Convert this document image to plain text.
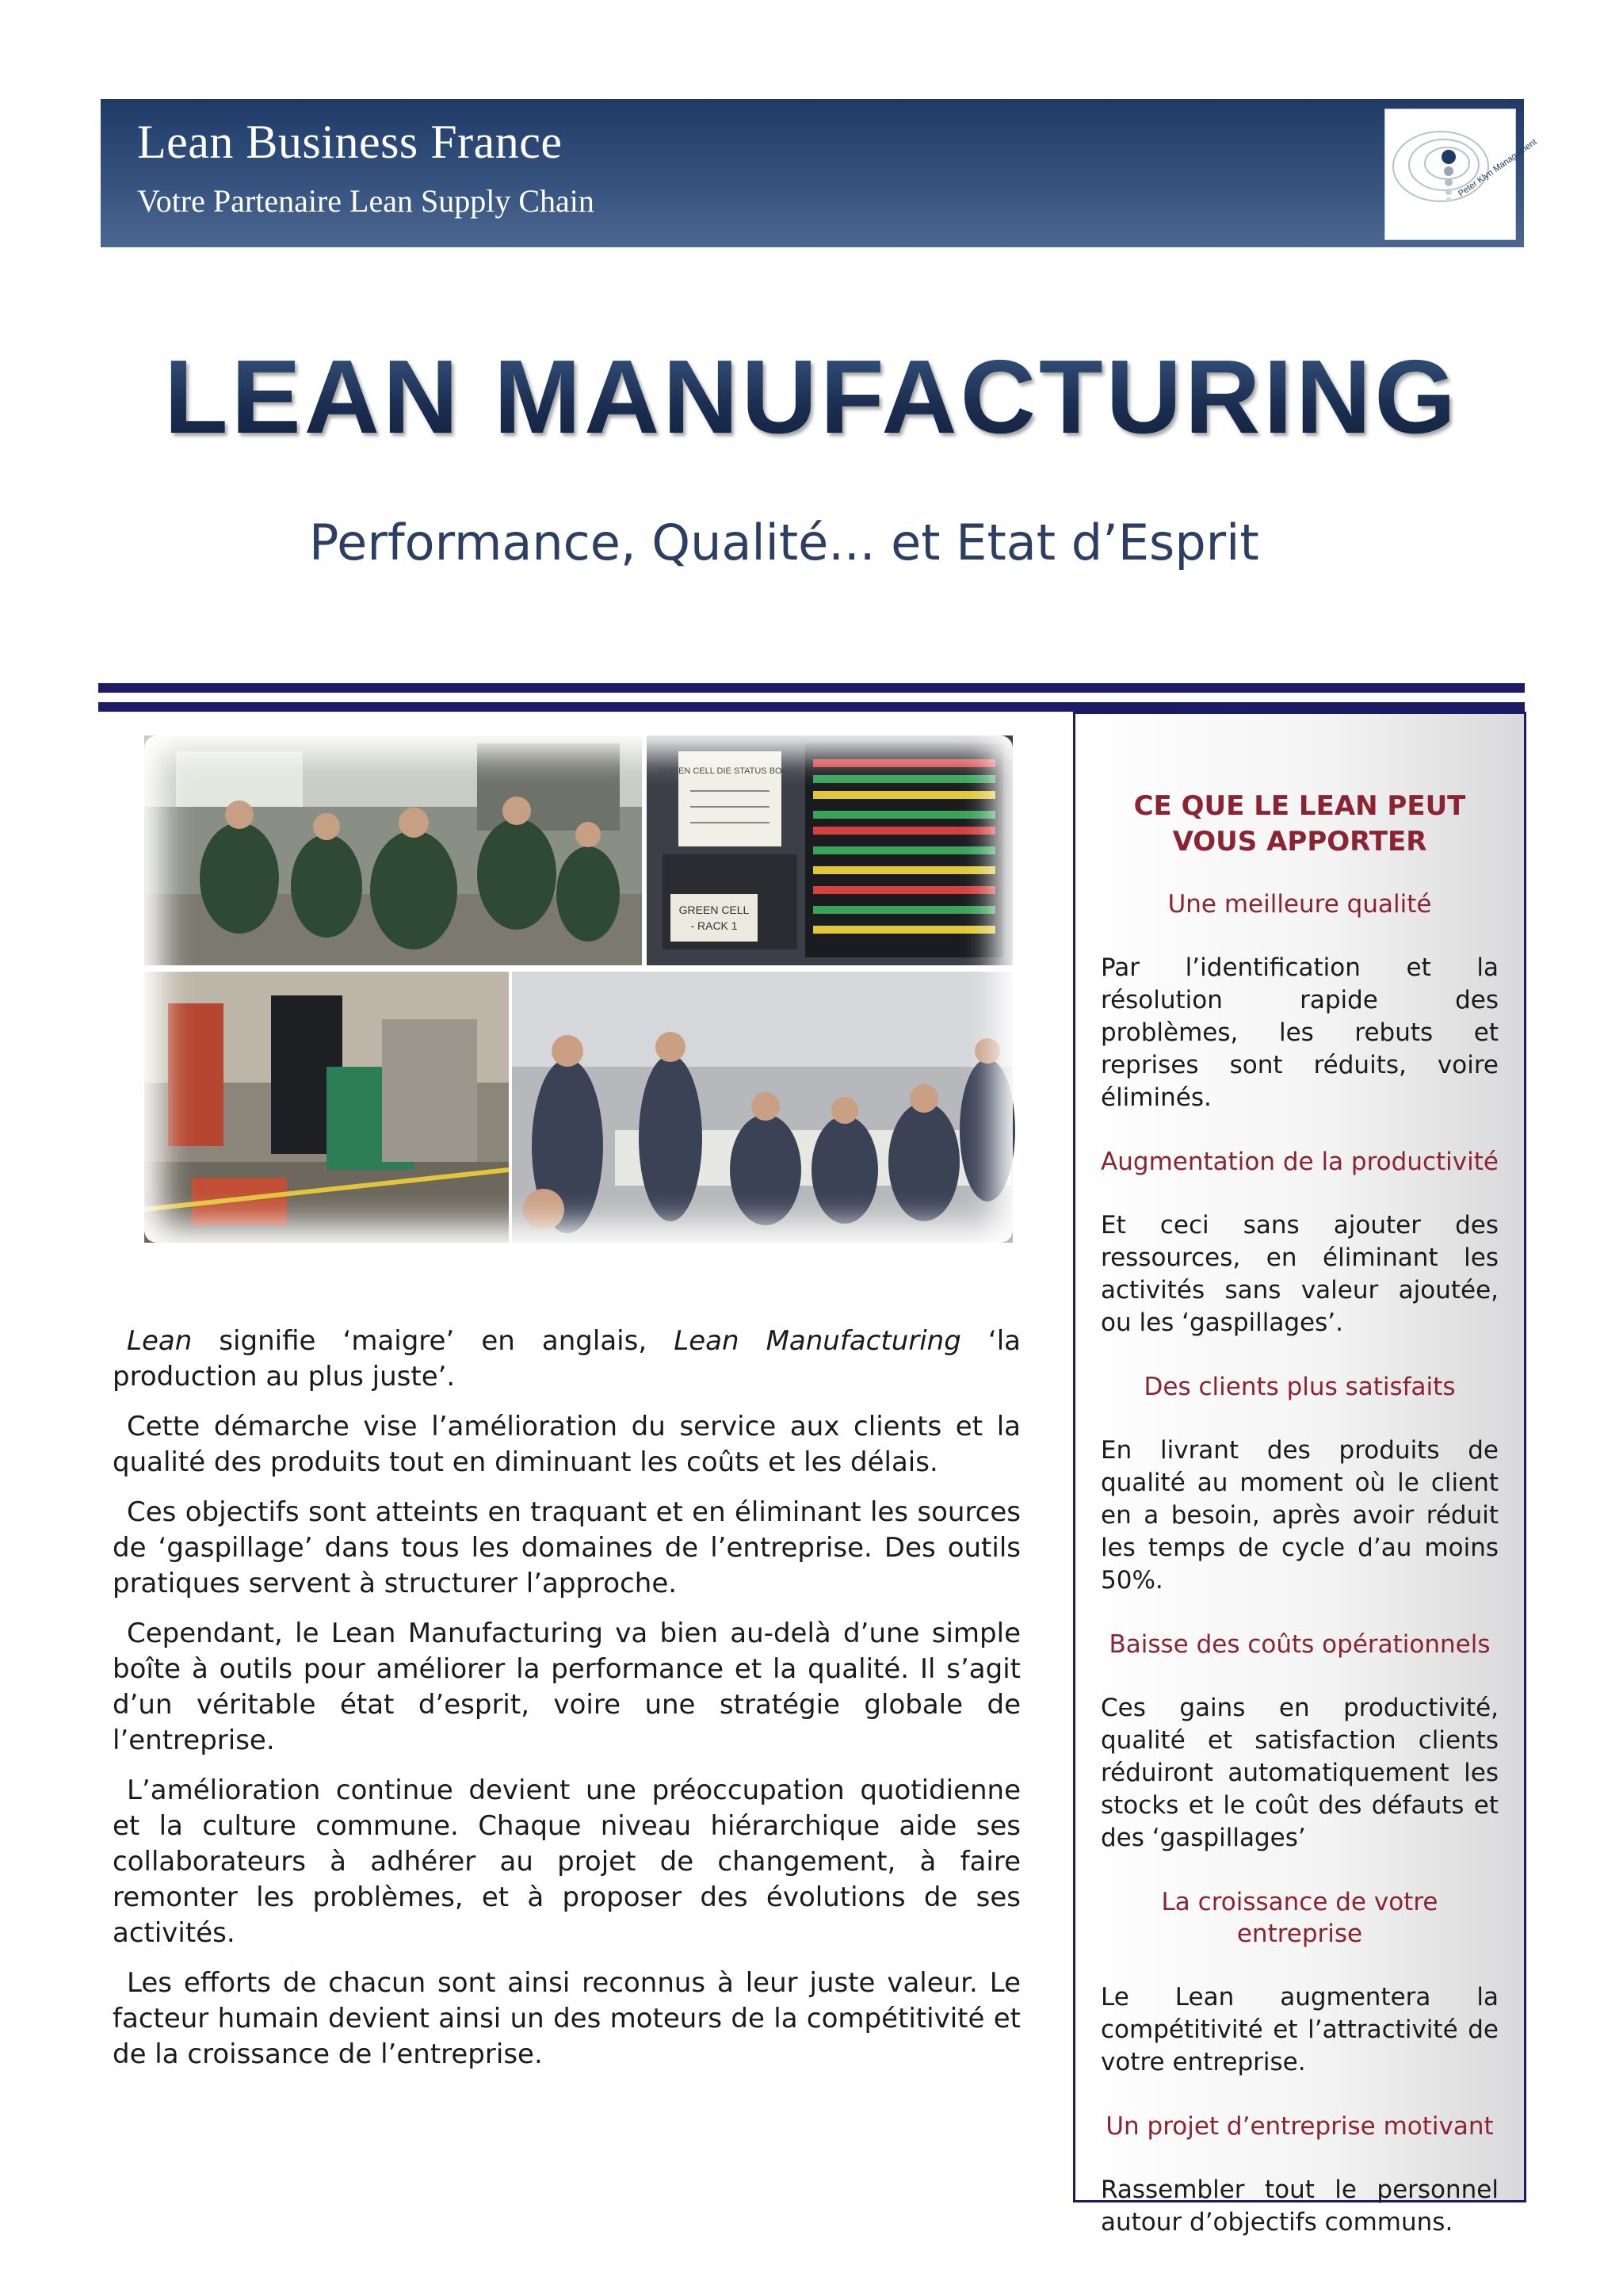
Lean Business France
Votre Partenaire Lean Supply Chain
Peter Klyn Management
LEAN MANUFACTURING
Performance, Qualité... et Etat d’Esprit
GREEN CELL DIE STATUS BOARD
GREEN CELL
- RACK 1

Lean signifie ‘maigre’ en anglais, Lean Manufacturing ‘la production au plus juste’.

Cette démarche vise l’amélioration du service aux clients et la qualité des produits tout en diminuant les coûts et les délais.

Ces objectifs sont atteints en traquant et en éliminant les sources de ‘gaspillage’ dans tous les domaines de l’entreprise. Des outils pratiques servent à structurer l’approche.

Cependant, le Lean Manufacturing va bien au-delà d’une simple boîte à outils pour améliorer la performance et la qualité. Il s’agit d’un véritable état d’esprit, voire une stratégie globale de l’entreprise.

L’amélioration continue devient une préoccupation quotidienne et la culture commune. Chaque niveau hiérarchique aide ses collaborateurs à adhérer au projet de changement, à faire remonter les problèmes, et à proposer des évolutions de ses activités.

Les efforts de chacun sont ainsi reconnus à leur juste valeur. Le facteur humain devient ainsi un des moteurs de la compétitivité et de la croissance de l’entreprise.

CE QUE LE LEAN PEUT VOUS APPORTER
Une meilleure qualité
Par l’identification et la résolution rapide des problèmes, les rebuts et reprises sont réduits, voire éliminés.
Augmentation de la productivité
Et ceci sans ajouter des ressources, en éliminant les activités sans valeur ajoutée, ou les ‘gaspillages’.
Des clients plus satisfaits
En livrant des produits de qualité au moment où le client en a besoin, après avoir réduit les temps de cycle d’au moins 50%.
Baisse des coûts opérationnels
Ces gains en productivité, qualité et satisfaction clients réduiront automatiquement les stocks et le coût des défauts et des ‘gaspillages’
La croissance de votre entreprise
Le Lean augmentera la compétitivité et l’attractivité de votre entreprise.
Un projet d’entreprise motivant
Rassembler tout le personnel autour d’objectifs communs.
